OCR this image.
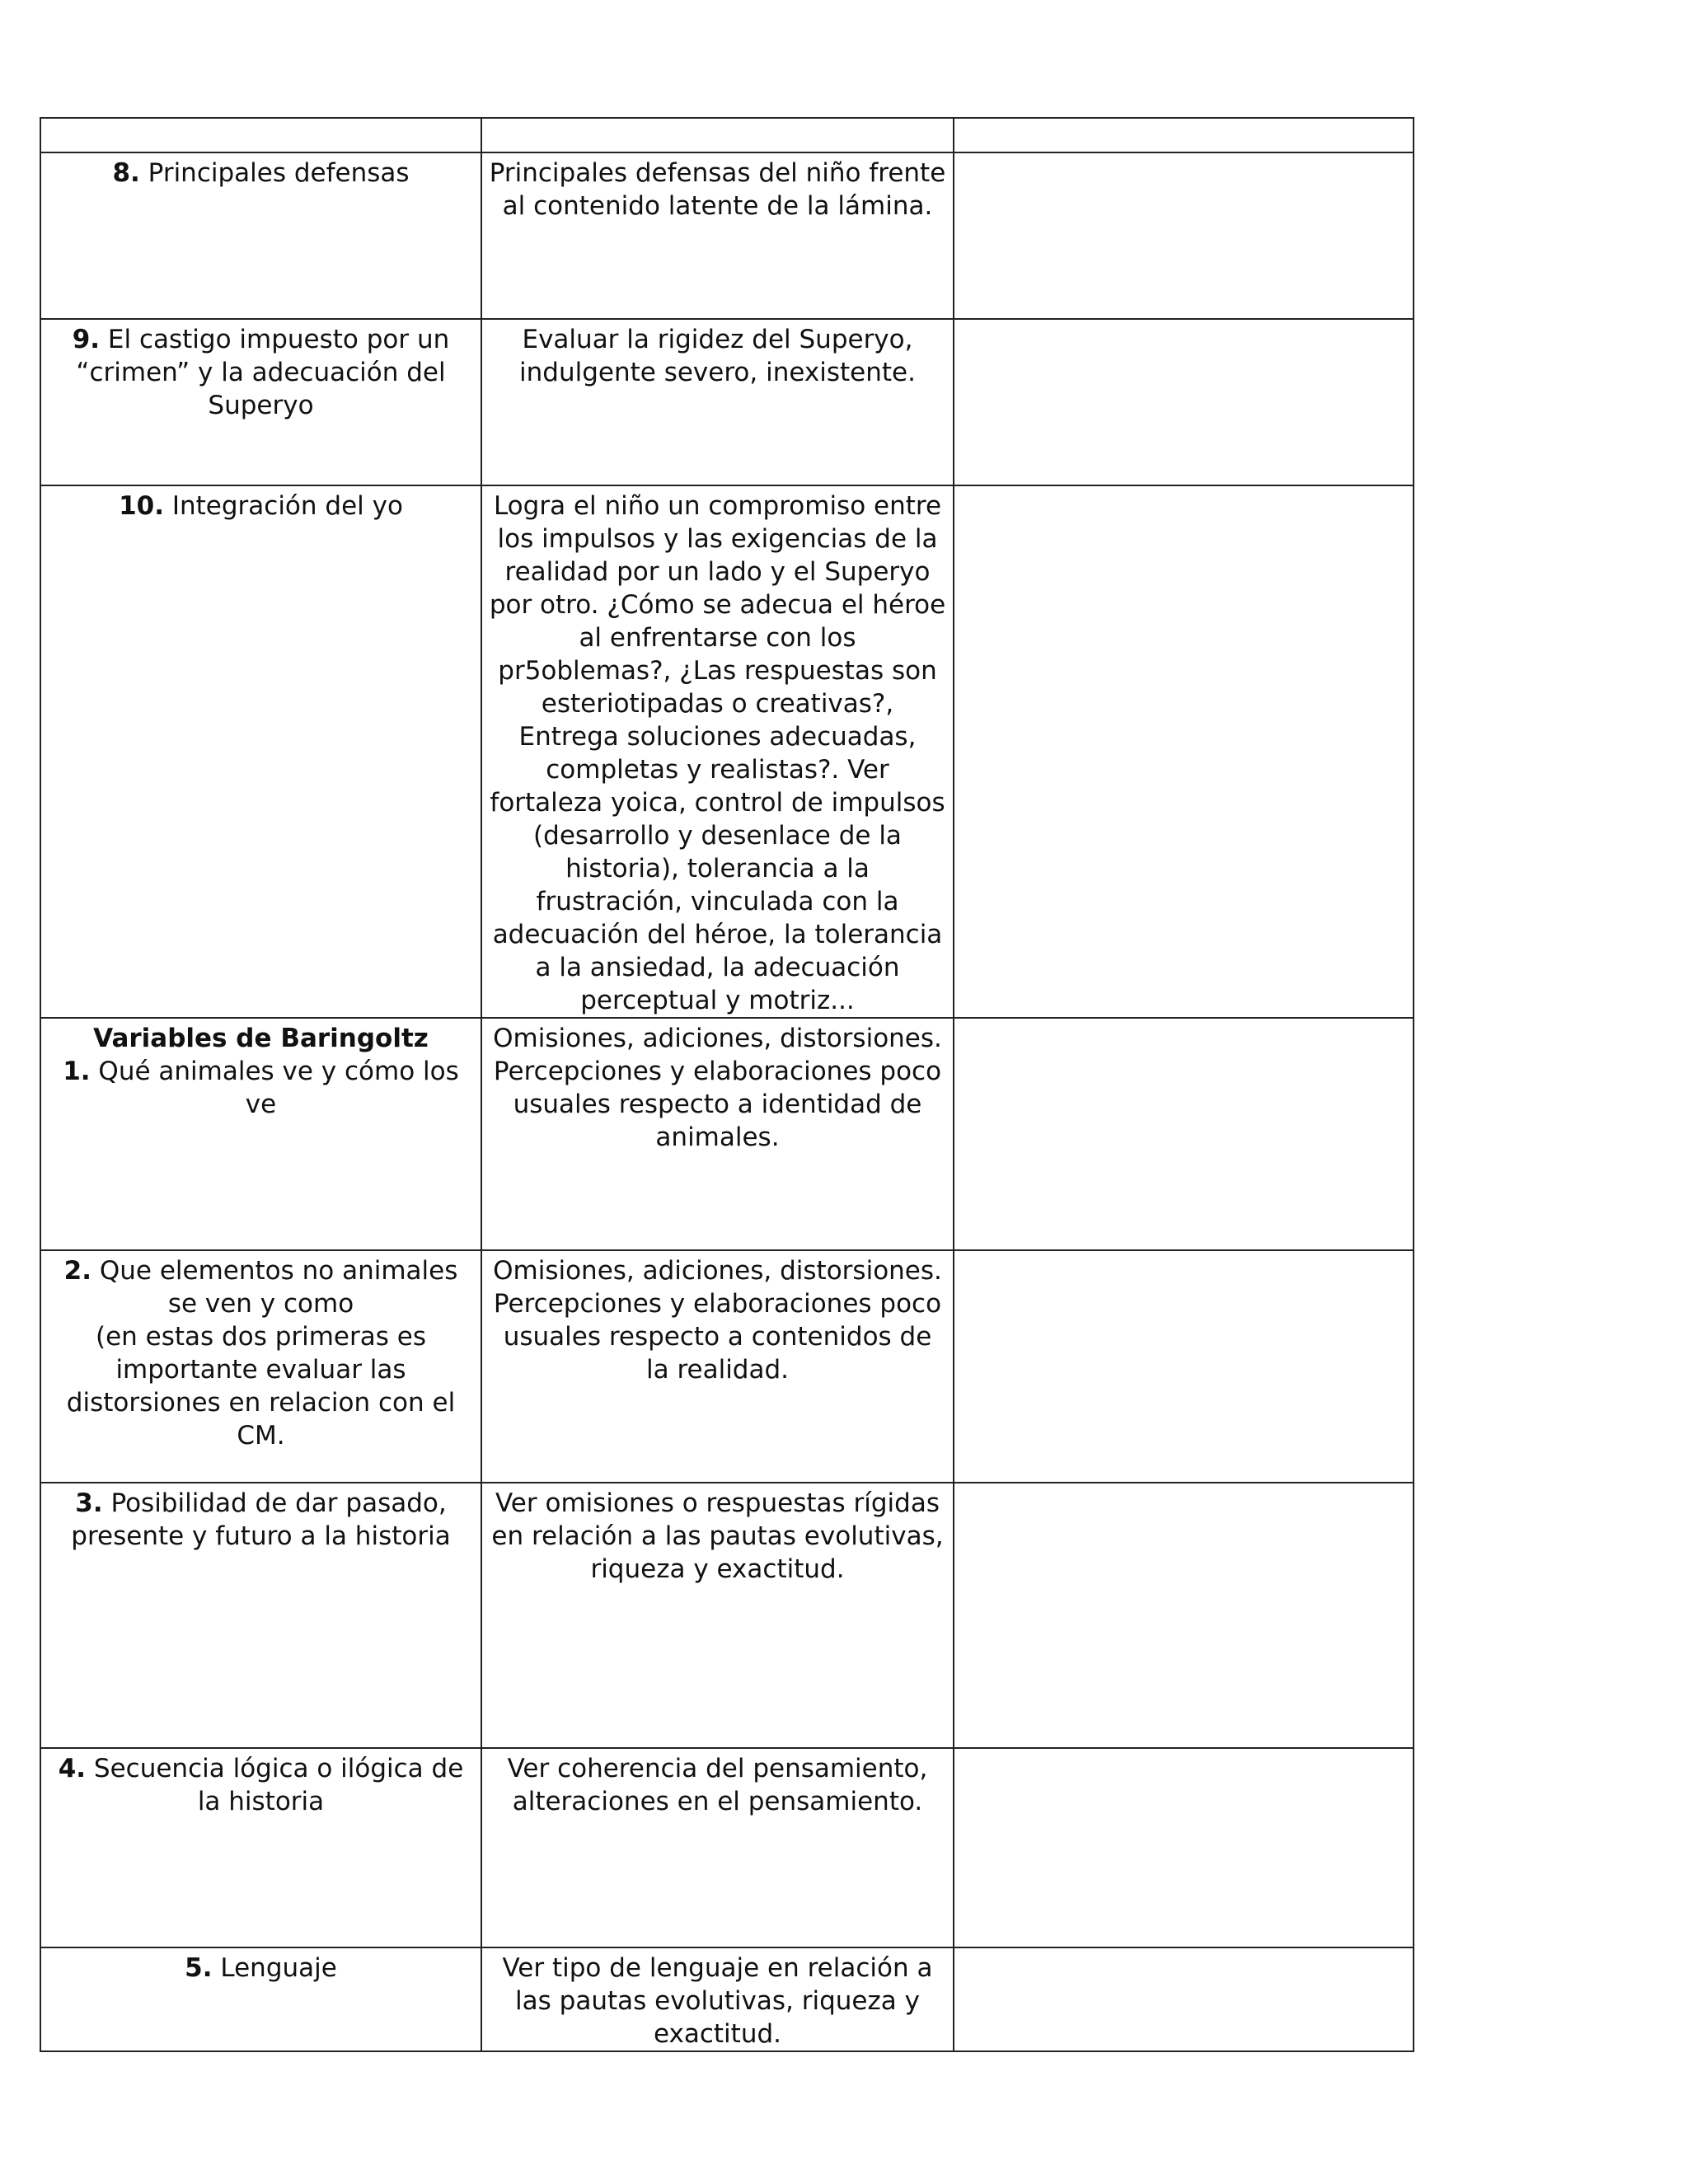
8. Principales defensas	Principales defensas del niño frente al contenido latente de la lámina.	
9. El castigo impuesto por un “crimen” y la adecuación del Superyo	Evaluar la rigidez del Superyo, indulgente severo, inexistente.	
10. Integración del yo	Logra el niño un compromiso entre los impulsos y las exigencias de la realidad por un lado y el Superyo por otro. ¿Cómo se adecua el héroe al enfrentarse con los pr5oblemas?, ¿Las respuestas son esteriotipadas o creativas?, Entrega soluciones adecuadas, completas y realistas?. Ver fortaleza yoica, control de impulsos (desarrollo y desenlace de la historia), tolerancia a la frustración, vinculada con la adecuación del héroe, la tolerancia a la ansiedad, la adecuación perceptual y motriz...	

Variables de Baringoltz
1. Qué animales ve y cómo los ve	Omisiones, adiciones, distorsiones. Percepciones y elaboraciones poco usuales respecto a identidad de animales.	
2. Que elementos no animales se ven y como
(en estas dos primeras es importante evaluar las distorsiones en relacion con el CM.	Omisiones, adiciones, distorsiones. Percepciones y elaboraciones poco usuales respecto a contenidos de la realidad.	
3. Posibilidad de dar pasado, presente y futuro a la historia	Ver omisiones o respuestas rígidas en relación a las pautas evolutivas, riqueza y exactitud.	
4. Secuencia lógica o ilógica de la historia	Ver coherencia del pensamiento, alteraciones en el pensamiento.	
5. Lenguaje	Ver tipo de lenguaje en relación a las pautas evolutivas, riqueza y exactitud.	
